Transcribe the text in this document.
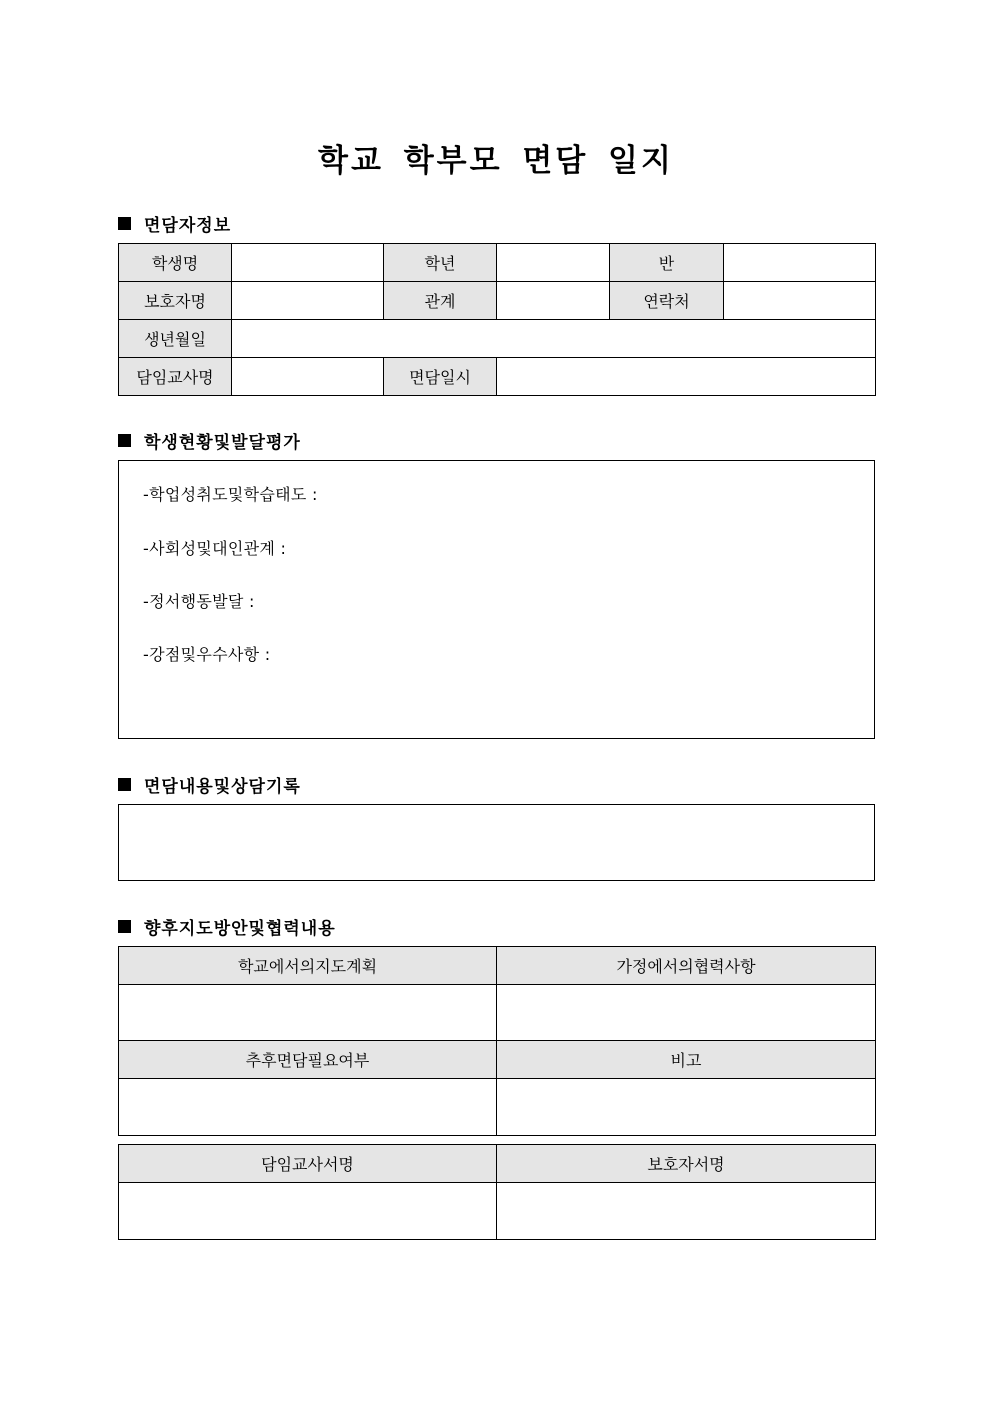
학교 학부모 면담 일지
면담자정보
학생명		학년		반	
보호자명		관계		연락처	
생년월일					
담임교사명		면담일시			
학생현황및발달평가
-학업성취도및학습태도 :
-사회성및대인관계 :
-정서행동발달 :
-강점및우수사항 :
면담내용및상담기록
향후지도방안및협력내용
학교에서의지도계획	가정에서의협력사항

추후면담필요여부	비고

담임교사서명	보호자서명
